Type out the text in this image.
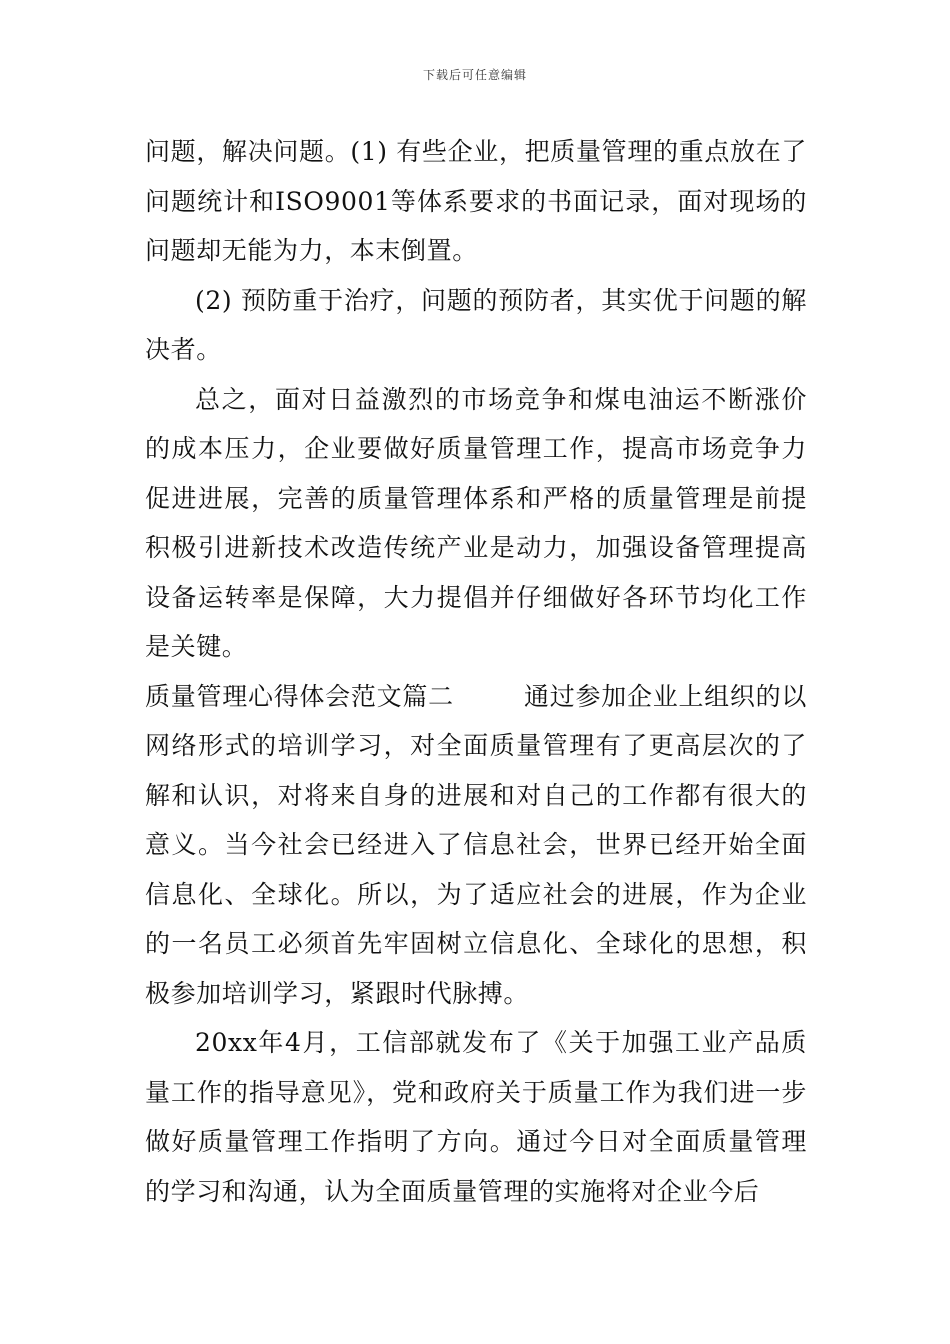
下载后可任意编辑

问题，解决问题。(1) 有些企业，把质量管理的重点放在了问题统计和ISO9001等体系要求的书面记录，面对现场的问题却无能为力，本末倒置。

(2) 预防重于治疗，问题的预防者，其实优于问题的解决者。

总之，面对日益激烈的市场竞争和煤电油运不断涨价的成本压力，企业要做好质量管理工作，提高市场竞争力促进进展，完善的质量管理体系和严格的质量管理是前提积极引进新技术改造传统产业是动力，加强设备管理提高设备运转率是保障，大力提倡并仔细做好各环节均化工作是关键。

质量管理心得体会范文篇二	通过参加企业上组织的以网络形式的培训学习，对全面质量管理有了更高层次的了解和认识，对将来自身的进展和对自己的工作都有很大的意义。当今社会已经进入了信息社会，世界已经开始全面信息化、全球化。所以，为了适应社会的进展，作为企业的一名员工必须首先牢固树立信息化、全球化的思想，积极参加培训学习，紧跟时代脉搏。

20xx年4月，工信部就发布了《关于加强工业产品质量工作的指导意见》，党和政府关于质量工作为我们进一步做好质量管理工作指明了方向。通过今日对全面质量管理的学习和沟通，认为全面质量管理的实施将对企业今后
